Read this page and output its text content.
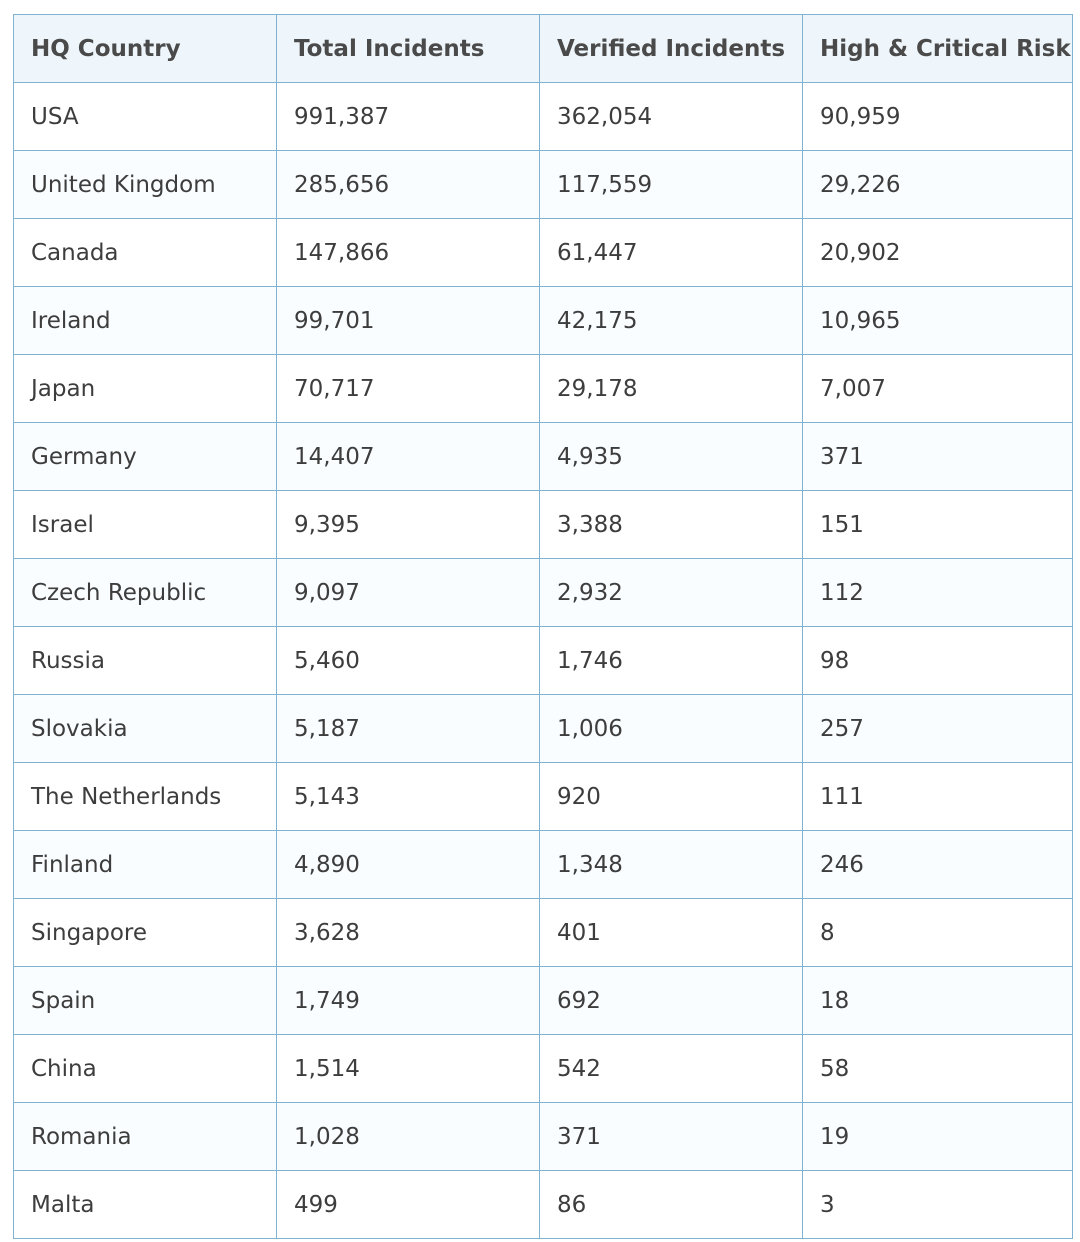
HQ Country	Total Incidents	Verified Incidents	High & Critical Risk
USA	991,387	362,054	90,959
United Kingdom	285,656	117,559	29,226
Canada	147,866	61,447	20,902
Ireland	99,701	42,175	10,965
Japan	70,717	29,178	7,007
Germany	14,407	4,935	371
Israel	9,395	3,388	151
Czech Republic	9,097	2,932	112
Russia	5,460	1,746	98
Slovakia	5,187	1,006	257
The Netherlands	5,143	920	111
Finland	4,890	1,348	246
Singapore	3,628	401	8
Spain	1,749	692	18
China	1,514	542	58
Romania	1,028	371	19
Malta	499	86	3
